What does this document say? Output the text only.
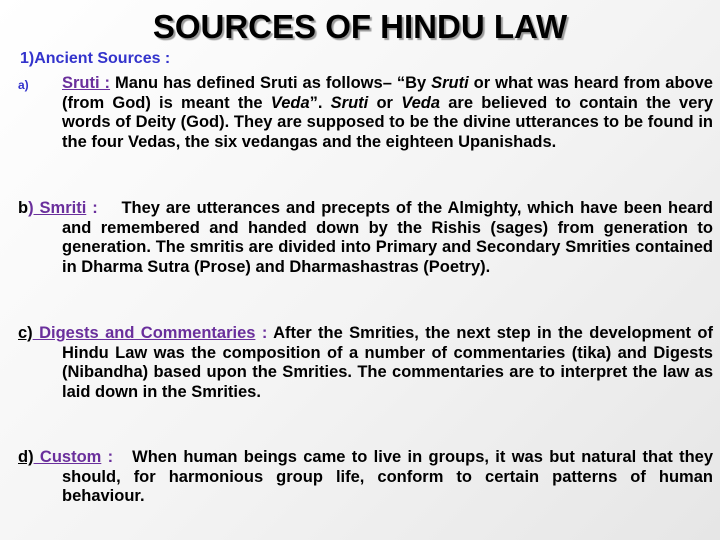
SOURCES OF HINDU LAW
1)Ancient Sources :
a) Sruti : Manu has defined Sruti as follows– “By Sruti or what was heard from above (from God) is meant the Veda”. Sruti or Veda are believed to contain the very words of Deity (God). They are supposed to be the divine utterances to be found in the four Vedas, the six vedangas and the eighteen Upanishads.
b) Smriti :    They are utterances and precepts of the Almighty, which have been heard and remembered and handed down by the Rishis (sages) from generation to generation. The smritis are divided into Primary and Secondary Smrities contained in Dharma Sutra (Prose) and Dharmashastras (Poetry).
c) Digests and Commentaries : After the Smrities, the next step in the development of Hindu Law was the composition of a number of commentaries (tika) and Digests (Nibandha) based upon the Smrities. The commentaries are to interpret the law as laid down in the Smrities.
d) Custom :   When human beings came to live in groups, it was but natural that they should, for harmonious group life, conform to certain patterns of human behaviour.
